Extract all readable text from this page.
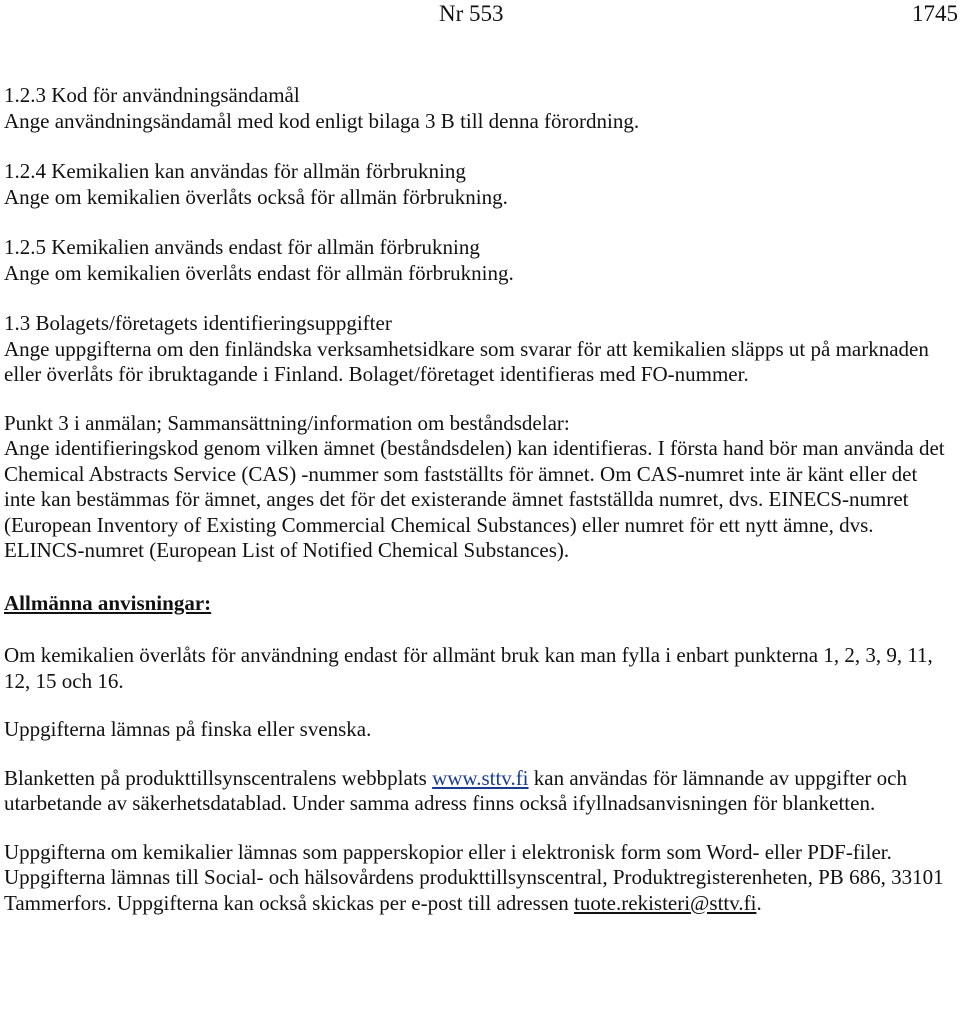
Nr 553	1745
1.2.3 Kod för användningsändamål
Ange användningsändamål med kod enligt bilaga 3 B till denna förordning.
1.2.4 Kemikalien kan användas för allmän förbrukning
Ange om kemikalien överlåts också för allmän förbrukning.
1.2.5 Kemikalien används endast för allmän förbrukning
Ange om kemikalien överlåts endast för allmän förbrukning.
1.3 Bolagets/företagets identifieringsuppgifter
Ange uppgifterna om den finländska verksamhetsidkare som svarar för att kemikalien släpps ut på marknaden eller överlåts för ibruktagande i Finland. Bolaget/företaget identifieras med FO-nummer.
Punkt 3 i anmälan; Sammansättning/information om beståndsdelar:
Ange identifieringskod genom vilken ämnet (beståndsdelen) kan identifieras. I första hand bör man använda det Chemical Abstracts Service (CAS) -nummer som fastställts för ämnet. Om CAS-numret inte är känt eller det inte kan bestämmas för ämnet, anges det för det existerande ämnet fastställda numret, dvs. EINECS-numret (European Inventory of Existing Commercial Chemical Substances) eller numret för ett nytt ämne, dvs. ELINCS-numret (European List of Notified Chemical Substances).
Allmänna anvisningar:
Om kemikalien överlåts för användning endast för allmänt bruk kan man fylla i enbart punkterna 1, 2, 3, 9, 11, 12, 15 och 16.
Uppgifterna lämnas på finska eller svenska.
Blanketten på produkttillsynscentralens webbplats www.sttv.fi kan användas för lämnande av uppgifter och utarbetande av säkerhetsdatablad. Under samma adress finns också ifyllnadsanvisningen för blanketten.
Uppgifterna om kemikalier lämnas som papperskopior eller i elektronisk form som Word- eller PDF-filer. Uppgifterna lämnas till Social- och hälsovårdens produkttillsynscentral, Produktregisterenheten, PB 686, 33101 Tammerfors. Uppgifterna kan också skickas per e-post till adressen tuote.rekisteri@sttv.fi.
